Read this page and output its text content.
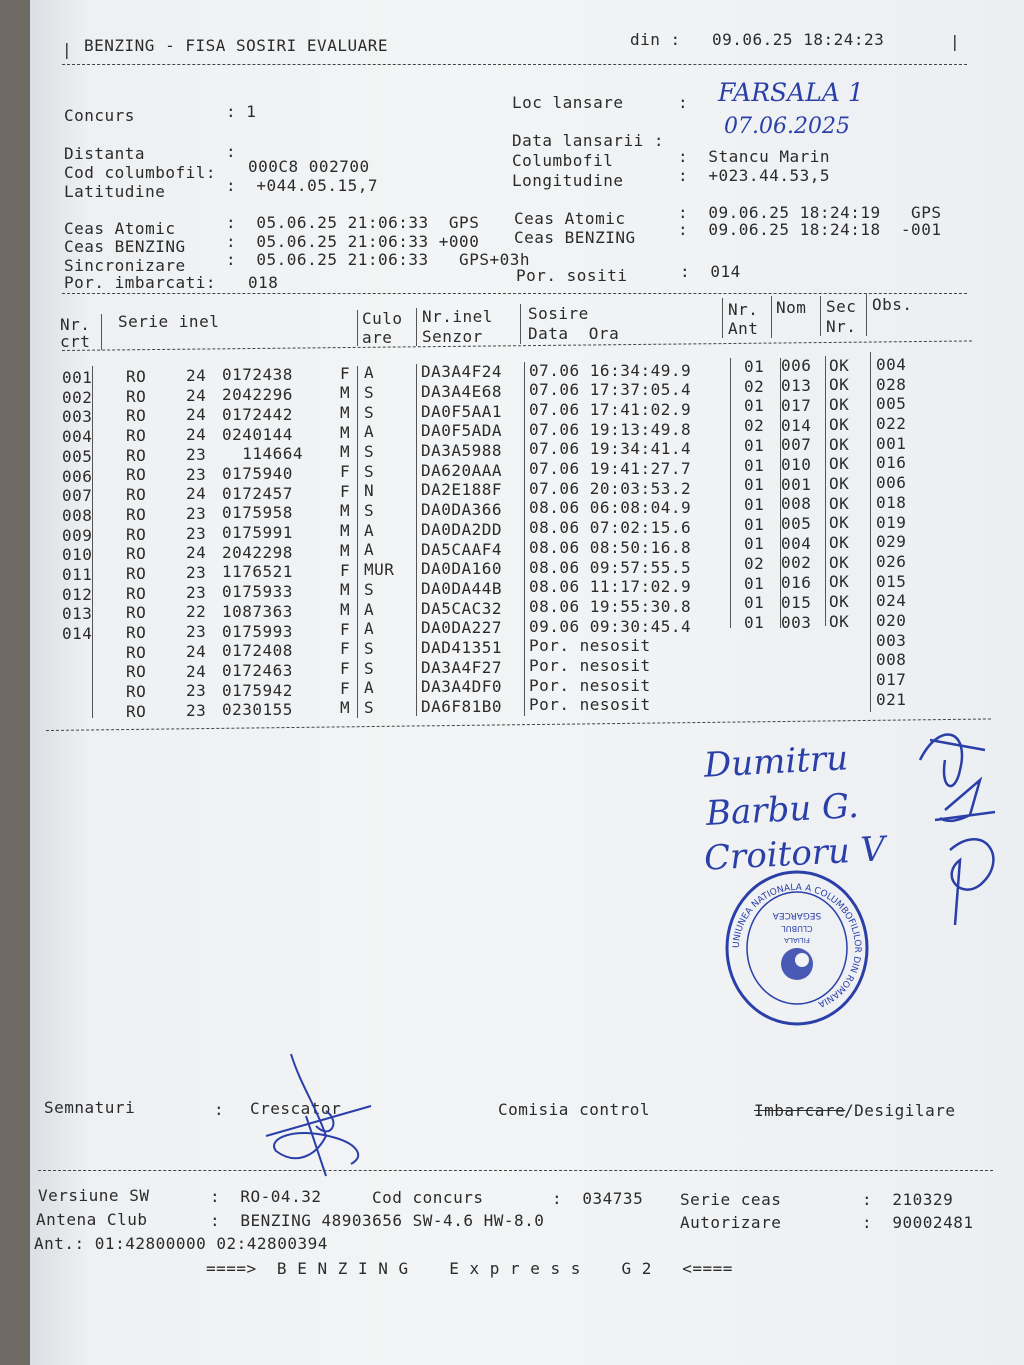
| BENZING - FISA SOSIRI EVALUARE	din : 09.06.25 18:24:23	|
Concurs	: 1	Loc lansare	: FARSALA 1
Data lansarii :
07.06.2025
Distanta	:
Cod columbofil: 000C8 002700	Columbofil	:  Stancu Marin
Latitudine	:  +044.05.15,7	Longitudine	:  +023.44.53,5
Ceas Atomic	:  05.06.25 21:06:33  GPS Ceas Atomic	:  09.06.25 18:24:19   GPS
Ceas BENZING	:  05.06.25 21:06:33 +000 Ceas BENZING	:  09.06.25 18:24:18  -001
Sincronizare	:  05.06.25 21:06:33   GPS+03h
Por. imbarcati: 018	Por. sositi	:  014
Nr.
crt
Serie inel	Culo
are
Nr.inel
Senzor
Sosire
Data  Ora
Nr.
Ant
Nom Sec
Nr.
Obs.
001 RO 24 0172438	F A	DA3A4F24 07.06 16:34:49.9	01 006 OK 004
002 RO 24 2042296	M S	DA3A4E68 07.06 17:37:05.4	02 013 OK 028
003 RO 24 0172442	M S	DA0F5AA1 07.06 17:41:02.9	01 017 OK 005
004 RO 24 0240144	M A	DA0F5ADA 07.06 19:13:49.8	02 014 OK 022
005 RO 23 114664 M S	DA3A5988 07.06 19:34:41.4	01 007 OK 001
006 RO 23 0175940	F S	DA620AAA 07.06 19:41:27.7	01 010 OK 016
007 RO 24 0172457	F N	DA2E188F 07.06 20:03:53.2	01 001 OK 006
008 RO 23 0175958	M S	DA0DA366 08.06 06:08:04.9	01 008 OK 018
009 RO 23 0175991	M A	DA0DA2DD 08.06 07:02:15.6	01 005 OK 019
010 RO 24 2042298	M A	DA5CAAF4 08.06 08:50:16.8	01 004 OK 029
011 RO 23 1176521	F MUR DA0DA160 08.06 09:57:55.5	02 002 OK 026
012 RO 23 0175933	M S	DA0DA44B 08.06 11:17:02.9	01 016 OK 015
013 RO 22 1087363	M A	DA5CAC32 08.06 19:55:30.8	01 015 OK 024
014 RO 23 0175993	F A	DA0DA227 09.06 09:30:45.4	01 003 OK 020
RO 24 0172408	F S	DAD41351 Por. nesosit	003
RO 24 0172463	F S	DA3A4F27 Por. nesosit	008
RO 23 0175942	F A	DA3A4DF0 Por. nesosit	017
RO 23 0230155	M S	DA6F81B0 Por. nesosit	021
Dumitru
Barbu G.
Croitoru V
UNIUNEA NATIONALA A COLUMBOFILILOR DIN ROMANIA
SEGARCEA
CLUBUL
FILIALA
Semnaturi	: Crescator	Comisia control	Imbarcare
/Desigilare
Versiune SW	:  RO-04.32	Cod concurs	:  034735 Serie ceas	:  210329
Antena Club	:  BENZING 48903656 SW-4.6 HW-8.0	Autorizare	:  90002481
Ant.: 01:42800000 02:42800394
====>  B E N Z I N G    E x p r e s s    G 2   <====
